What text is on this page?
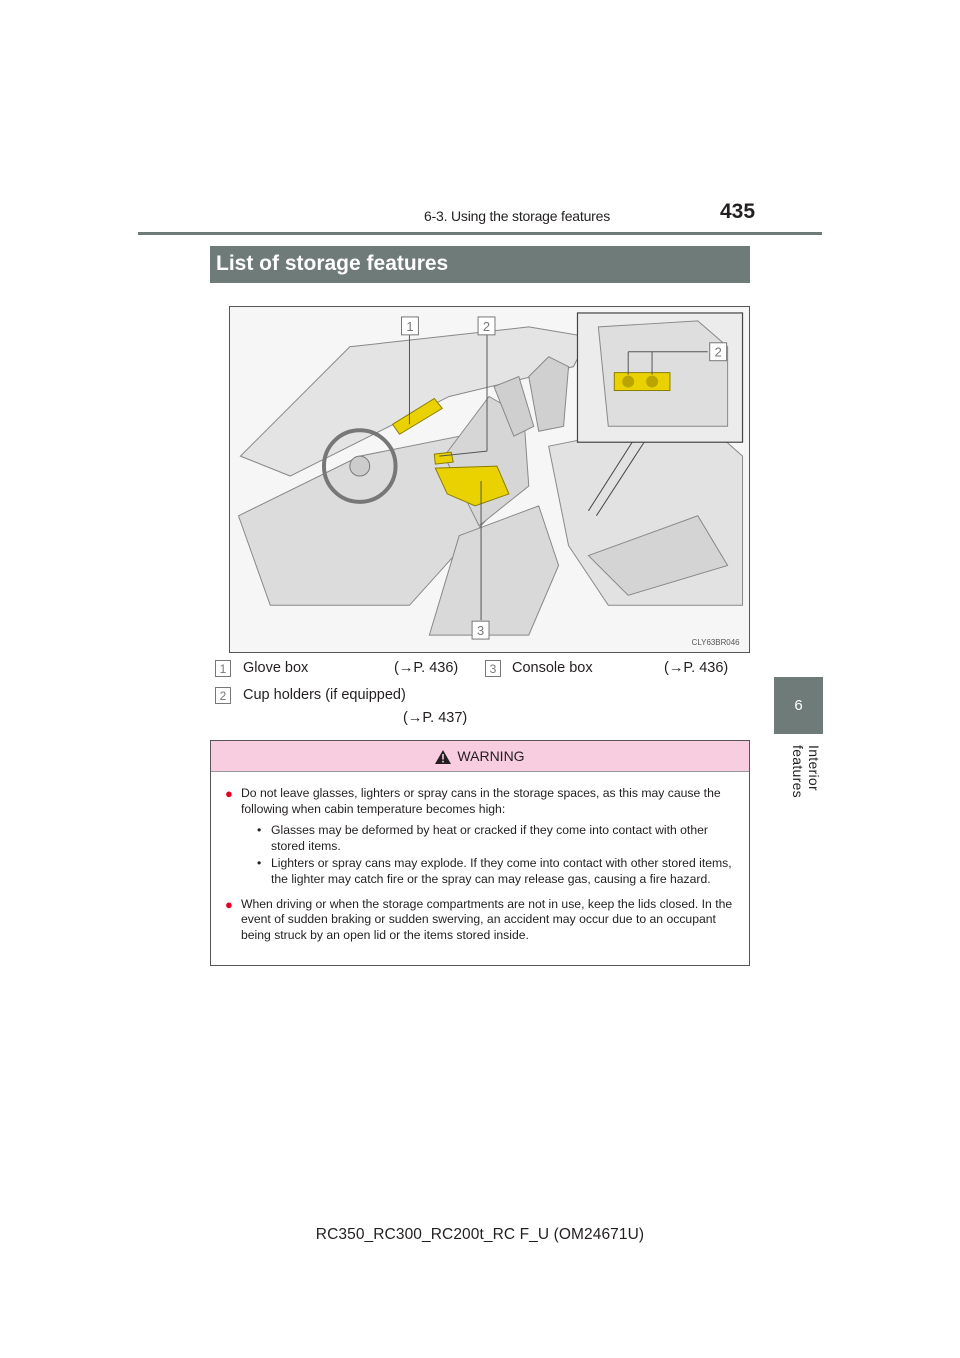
6-3. Using the storage features	435
6
Interior features
List of storage features
1	2
3
2
CLY63BR046
1 Glove box	(→P. 436)
2 Cup holders (if equipped)
(→P. 437)
3 Console box	(→P. 436)
WARNING
● Do not leave glasses, lighters or spray cans in the storage spaces, as this may cause the following when cabin temperature becomes high:
• Glasses may be deformed by heat or cracked if they come into contact with other stored items.
• Lighters or spray cans may explode. If they come into contact with other stored items, the lighter may catch fire or the spray can may release gas, causing a fire hazard.
● When driving or when the storage compartments are not in use, keep the lids closed. In the event of sudden braking or sudden swerving, an accident may occur due to an occupant being struck by an open lid or the items stored inside.
RC350_RC300_RC200t_RC F_U (OM24671U)
